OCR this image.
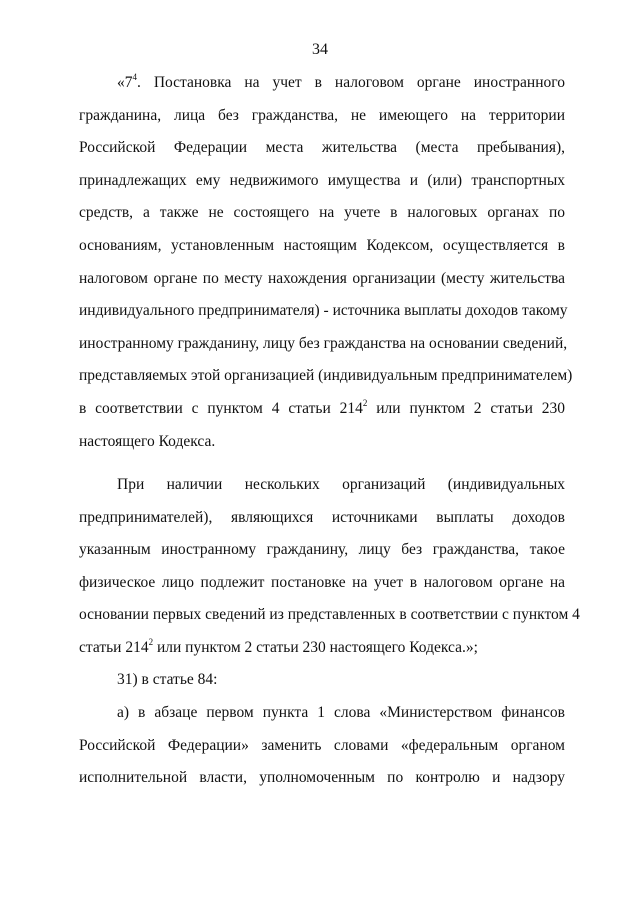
34
«$7^4$. Постановка на учет в налоговом органе иностранного
гражданина, лица без гражданства, не имеющего на территории
Российской Федерации места жительства (места пребывания),
принадлежащих ему недвижимого имущества и (или) транспортных
средств, а также не состоящего на учете в налоговых органах по
основаниям, установленным настоящим Кодексом, осуществляется в
налоговом органе по месту нахождения организации (месту жительства
индивидуального предпринимателя) - источника выплаты доходов такому
иностранному гражданину, лицу без гражданства на основании сведений,
представляемых этой организацией (индивидуальным предпринимателем)
в соответствии с пунктом 4 статьи $214^2$ или пунктом 2 статьи 230
настоящего Кодекса.
При наличии нескольких организаций (индивидуальных
предпринимателей), являющихся источниками выплаты доходов
указанным иностранному гражданину, лицу без гражданства, такое
физическое лицо подлежит постановке на учет в налоговом органе на
основании первых сведений из представленных в соответствии с пунктом 4
статьи $214^2$ или пунктом 2 статьи 230 настоящего Кодекса.»;
31) в статье 84:
а) в абзаце первом пункта 1 слова «Министерством финансов
Российской Федерации» заменить словами «федеральным органом
исполнительной власти, уполномоченным по контролю и надзору
